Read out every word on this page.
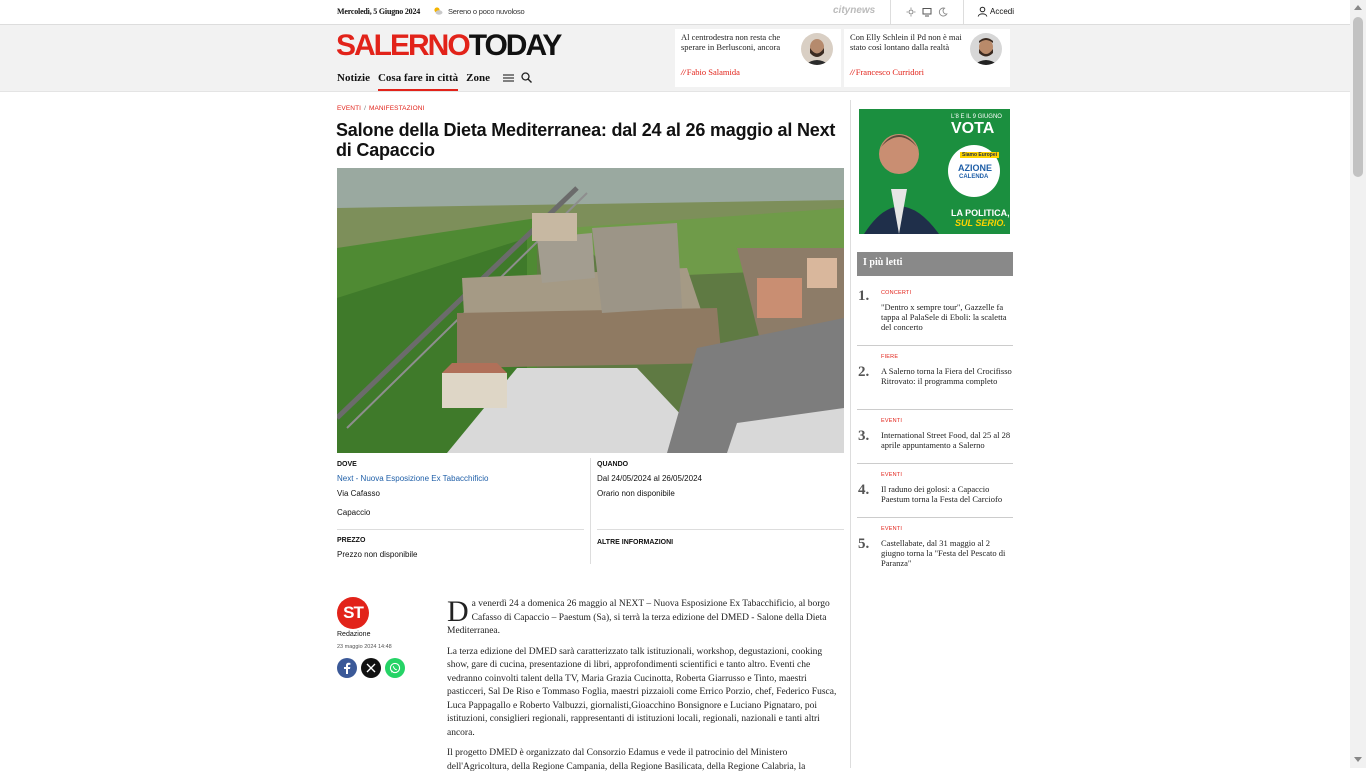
Mercoledì, 5 Giugno 2024	Sereno o poco nuvoloso	citynews	Accedi
SALERNOTODAY
Notizie Cosa fare in città Zone
Al centrodestra non resta che sperare in Berlusconi, ancora
// Fabio Salamida
Con Elly Schlein il Pd non è mai stato così lontano dalla realtà
// Francesco Curridori
EVENTI / MANIFESTAZIONI
Salone della Dieta Mediterranea: dal 24 al 26 maggio al Next di Capaccio
DOVE
Next - Nuova Esposizione Ex Tabacchificio
Via Cafasso
Capaccio
QUANDO
Dal 24/05/2024 al 26/05/2024
Orario non disponibile
PREZZO
Prezzo non disponibile
ALTRE INFORMAZIONI
ST
Redazione
23 maggio 2024 14:48

Da venerdì 24 a domenica 26 maggio al NEXT – Nuova Esposizione Ex Tabacchificio, al borgo Cafasso di Capaccio – Paestum (Sa), si terrà la terza edizione del DMED - Salone della Dieta Mediterranea.

La terza edizione del DMED sarà caratterizzato talk istituzionali, workshop, degustazioni, cooking show, gare di cucina, presentazione di libri, approfondimenti scientifici e tanto altro. Eventi che vedranno coinvolti talent della TV, Maria Grazia Cucinotta, Roberta Giarrusso e Tinto, maestri pasticceri, Sal De Riso e Tommaso Foglia, maestri pizzaioli come Errico Porzio, chef, Federico Fusca, Luca Pappagallo e Roberto Valbuzzi, giornalisti,Gioacchino Bonsignore e Luciano Pignataro, poi istituzioni, consiglieri regionali, rappresentanti di istituzioni locali, regionali, nazionali e tanti altri ancora.

Il progetto DMED è organizzato dal Consorzio Edamus e vede il patrocinio del Ministero dell'Agricoltura, della Regione Campania, della Regione Basilicata, della Regione Calabria, la

L'8 E IL 9 GIUGNO
VOTA
Siamo Europei
AZIONE
CALENDA
LA POLITICA,
SUL SERIO.
I più letti
1. CONCERTI
"Dentro x sempre tour", Gazzelle fa tappa al PalaSele di Eboli: la scaletta del concerto
2.
FIERE
A Salerno torna la Fiera del Crocifisso Ritrovato: il programma completo
3.
EVENTI
International Street Food, dal 25 al 28 aprile appuntamento a Salerno
4.
EVENTI
Il raduno dei golosi: a Capaccio Paestum torna la Festa del Carciofo
5.
EVENTI
Castellabate, dal 31 maggio al 2 giugno torna la "Festa del Pescato di Paranza"
